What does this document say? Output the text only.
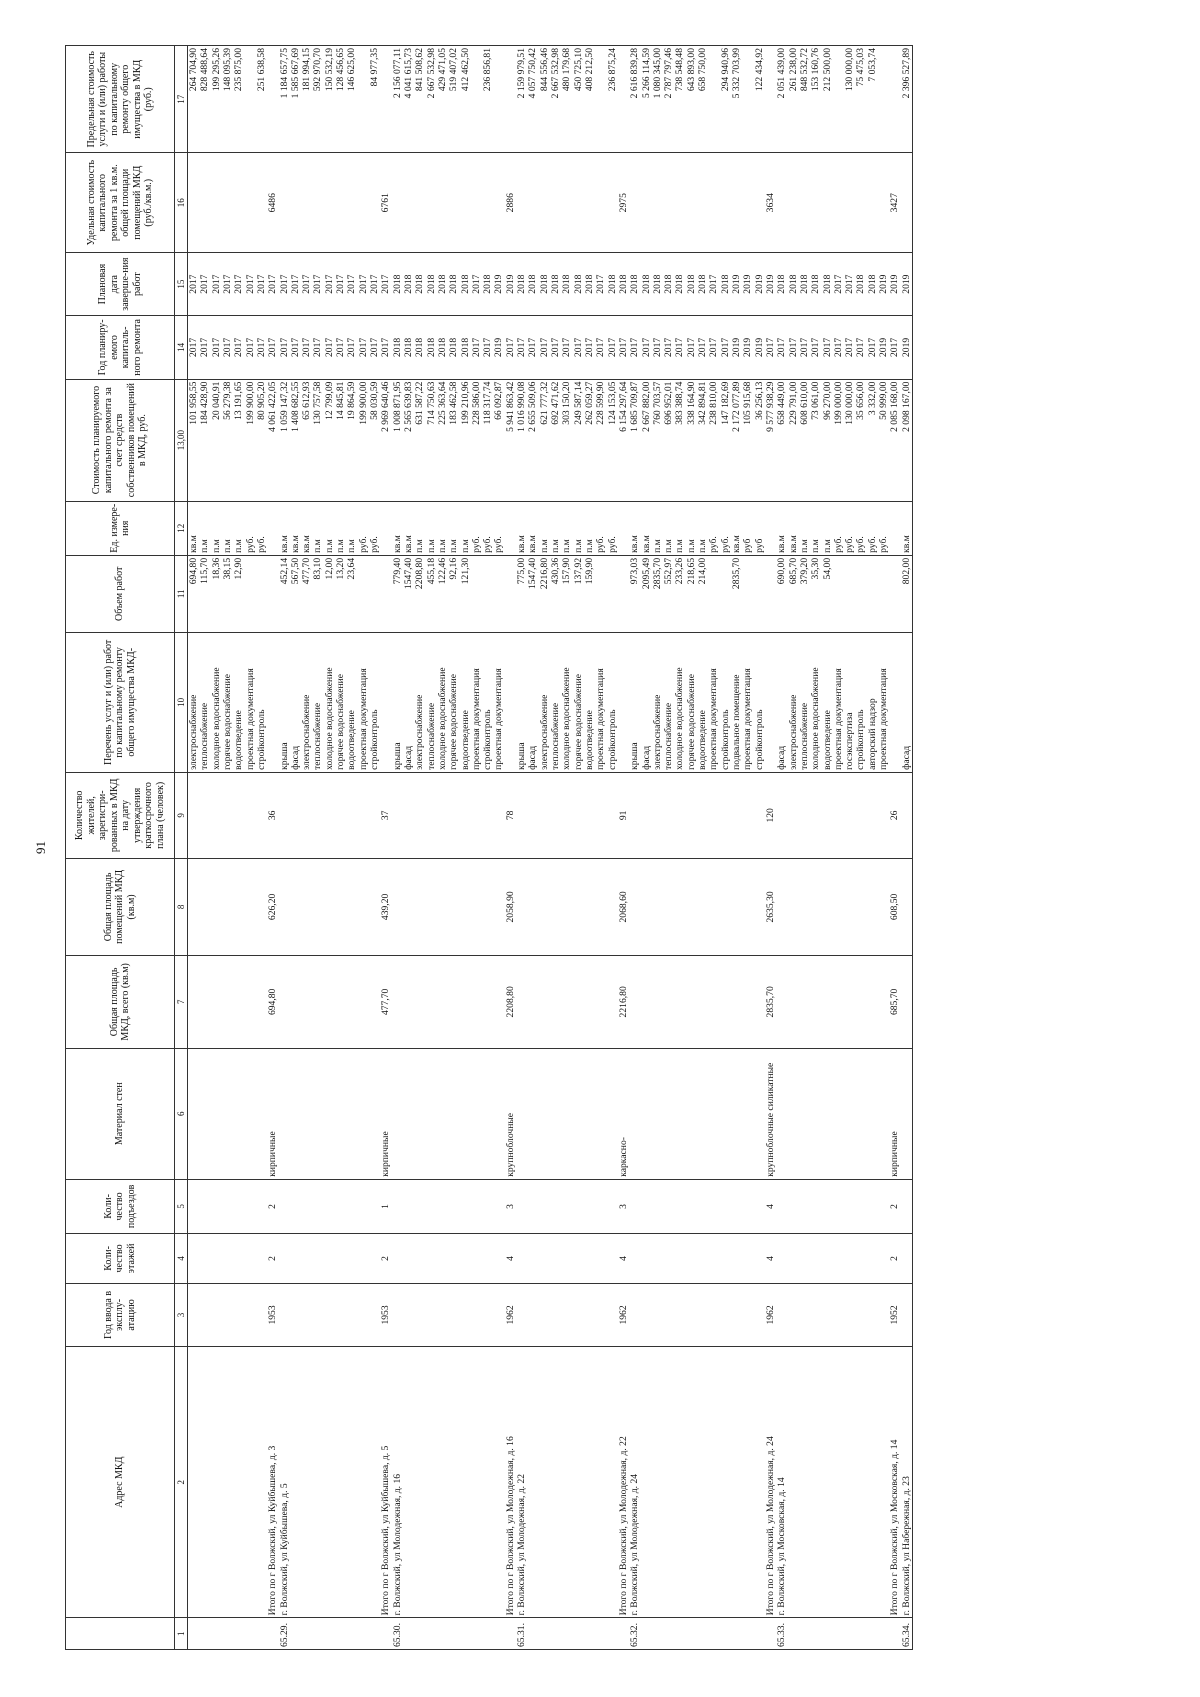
91
	Адрес МКД	Год ввода в эксплу-атацию	Коли-чество этажей	Коли-чество подъездов	Материал стен	Общая площадь МКД, всего (кв.м)	Общая площадь помещений МКД (кв.м)	Количество жителей, зарегистри-рованных в МКД на дату утверждения краткосрочного плана (человек)	Перечень услуг и (или) работ по капитальному ремонту общего имущества МКД-	Объем работ	Ед. измере-ния	Стоимость планируемого капитального ремонта за счет средств собственников помещений в МКД, руб.	Год планиру-емого капиталь-ного ремонта	Плановая дата заверше-ния работ	Удельная стоимость капитального ремонта за 1 кв.м. общей площади помещений МКД (руб./кв.м.)	Предельная стоимость услуги и (или) работы по капитальному ремонту общего имущества в МКД (руб.)
1	2	3	4	5	6	7	8	9	10	11	12	13,00	14	15	16	17
									электроснабжение	694,80	кв.м	101 958,55	2017	2017		264 704,90
									теплоснабжение	115,70	п.м	184 428,90	2017	2017		828 488,64
									холодное водоснабжение	18,36	п.м	20 040,91	2017	2017		199 295,26
									горячее водоснабжение	38,15	п.м	56 279,38	2017	2017		148 095,39
									водоотведение	12,90	п.м	13 191,65	2017	2017		235 875,00
									проектная документация		руб.	199 900,00	2017	2017		
									стройконтроль		руб.	80 905,20	2017	2017		251 638,58
	Итого по г Волжский, ул Куйбышева, д. 3	1953	2	2	кирпичные	694,80	626,20	36				4 061 422,05	2017	2017	6486	
65.29.	г. Волжский, ул Куйбышева, д. 5								крыша	452,14	кв.м	1 059 147,32	2017	2017		1 184 657,75
									фасад	567,50	кв.м	1 408 682,55	2017	2017		1 585 667,69
									электроснабжение	477,70	кв.м	65 612,93	2017	2017		181 994,15
									теплоснабжение	83,10	п.м	130 757,58	2017	2017		592 970,70
									холодное водоснабжение	12,00	п.м	12 799,09	2017	2017		150 532,19
									горячее водоснабжение	13,20	п.м	14 845,81	2017	2017		128 456,65
									водоотведение	23,64	п.м	19 864,59	2017	2017		146 625,00
									проектная документация		руб.	199 900,00	2017	2017		
									стройконтроль		руб.	58 030,59	2017	2017		84 977,35
	Итого по г Волжский, ул Куйбышева, д. 5	1953	2	1	кирпичные	477,70	439,20	37				2 969 640,46	2017	2017	6761	
65.30.	г. Волжский, ул Молодежная, д. 16								крыша	779,40	кв.м	1 008 871,95	2018	2018		2 156 077,11
									фасад	1547,40	кв.м	2 565 639,83	2018	2018		4 041 615,73
									электроснабжение	2208,80	п.м	631 587,22	2018	2018		841 508,62
									теплоснабжение	455,18	п.м	714 750,63	2018	2018		2 667 532,98
									холодное водоснабжение	122,46	п.м	225 363,64	2018	2018		429 471,05
									горячее водоснабжение	92,16	п.м	183 462,58	2018	2018		519 407,02
									водоотведение	121,30	п.м	199 210,96	2018	2018		412 462,50
									проектная документация		руб.	228 586,00	2017	2017		
									стройконтроль		руб.	118 317,74	2017	2018		236 856,81
									проектная документация		руб.	66 092,87	2019	2019		
	Итого по г Волжский, ул Молодежная, д. 16	1962	4	3	крупноблочные	2208,80	2058,90	78				5 941 863,42	2017	2019	2886	
65.31.	г. Волжский, ул Молодежная, д. 22								крыша	775,00	кв.м	1 016 990,08	2017	2018		2 159 979,51
									фасад	1547,40	кв.м	2 655 509,06	2017	2018		4 057 750,42
									электроснабжение	2216,80	п.м	621 777,32	2017	2018		844 556,46
									теплоснабжение	430,36	п.м	692 471,62	2017	2018		2 667 532,98
									холодное водоснабжение	157,90	п.м	303 150,20	2017	2018		480 179,68
									горячее водоснабжение	137,92	п.м	249 587,14	2017	2018		450 725,10
									водоотведение	159,90	п.м	262 059,27	2017	2018		408 212,50
									проектная документация		руб.	228 599,90	2017	2017		
									стройконтроль		руб.	124 153,05	2017	2018		236 875,24
	Итого по г Волжский, ул Молодежная, д. 22	1962	4	3	каркасно-	2216,80	2068,60	91				6 154 297,64	2017	2018	2975	
65.32.	г. Волжский, ул Молодежная, д. 24								крыша	973,03	кв.м	1 685 709,87	2017	2018		2 616 839,28
									фасад	2095,49	кв.м	2 667 882,00	2017	2018		5 266 114,59
									электроснабжение	2835,70	п.м	760 703,57	2017	2018		1 080 345,00
									теплоснабжение	552,97	п.м	696 952,01	2017	2018		2 787 797,46
									холодное водоснабжение	233,26	п.м	383 388,74	2017	2018		738 548,48
									горячее водоснабжение	218,65	п.м	338 164,90	2017	2018		643 893,00
									водоотведение	214,00	п.м	342 894,81	2017	2018		658 750,00
									проектная документация		руб.	238 810,00	2017	2017		
									стройконтроль		руб.	147 182,69	2017	2018		294 940,96
									подвальное помещение	2835,70	кв.м	2 172 077,89	2019	2019		5 332 703,99
									проектная документация		руб	105 915,68	2019	2019		
									стройконтроль		руб	36 256,13	2019	2019		122 434,92
	Итого по г Волжский, ул Молодежная, д. 24	1962	4	4	крупноблочные силикатные	2835,70	2635,30	120				9 577 938,29	2017	2019	3634	
65.33.	г. Волжский, ул Московская, д. 14								фасад	690,00	кв.м	658 449,00	2017	2018		2 051 439,00
									электроснабжение	685,70	кв.м	229 791,00	2017	2018		261 238,00
									теплоснабжение	379,20	п.м	608 610,00	2017	2018		848 532,72
									холодное водоснабжение	35,30	п.м	73 061,00	2017	2018		153 160,76
									водоотведение	54,00	п.м	96 270,00	2017	2018		212 500,00
									проектная документация		руб.	199 000,00	2017	2017		
									госэкспертиза		руб.	130 000,00	2017	2017		130 000,00
									стройконтроль		руб.	35 656,00	2017	2018		75 475,03
									авторский надзор		руб.	3 332,00	2017	2018		7 053,74
									проектная документация		руб.	50 999,00	2019	2019		
	Итого по г Волжский, ул Московская, д. 14	1952	2	2	кирпичные	685,70	608,50	26				2 085 168,00	2017	2019	3427	
65.34.	г. Волжский, ул Набережная, д. 23								фасад	802,00	кв.м	2 098 167,00	2019	2019		2 396 527,89
